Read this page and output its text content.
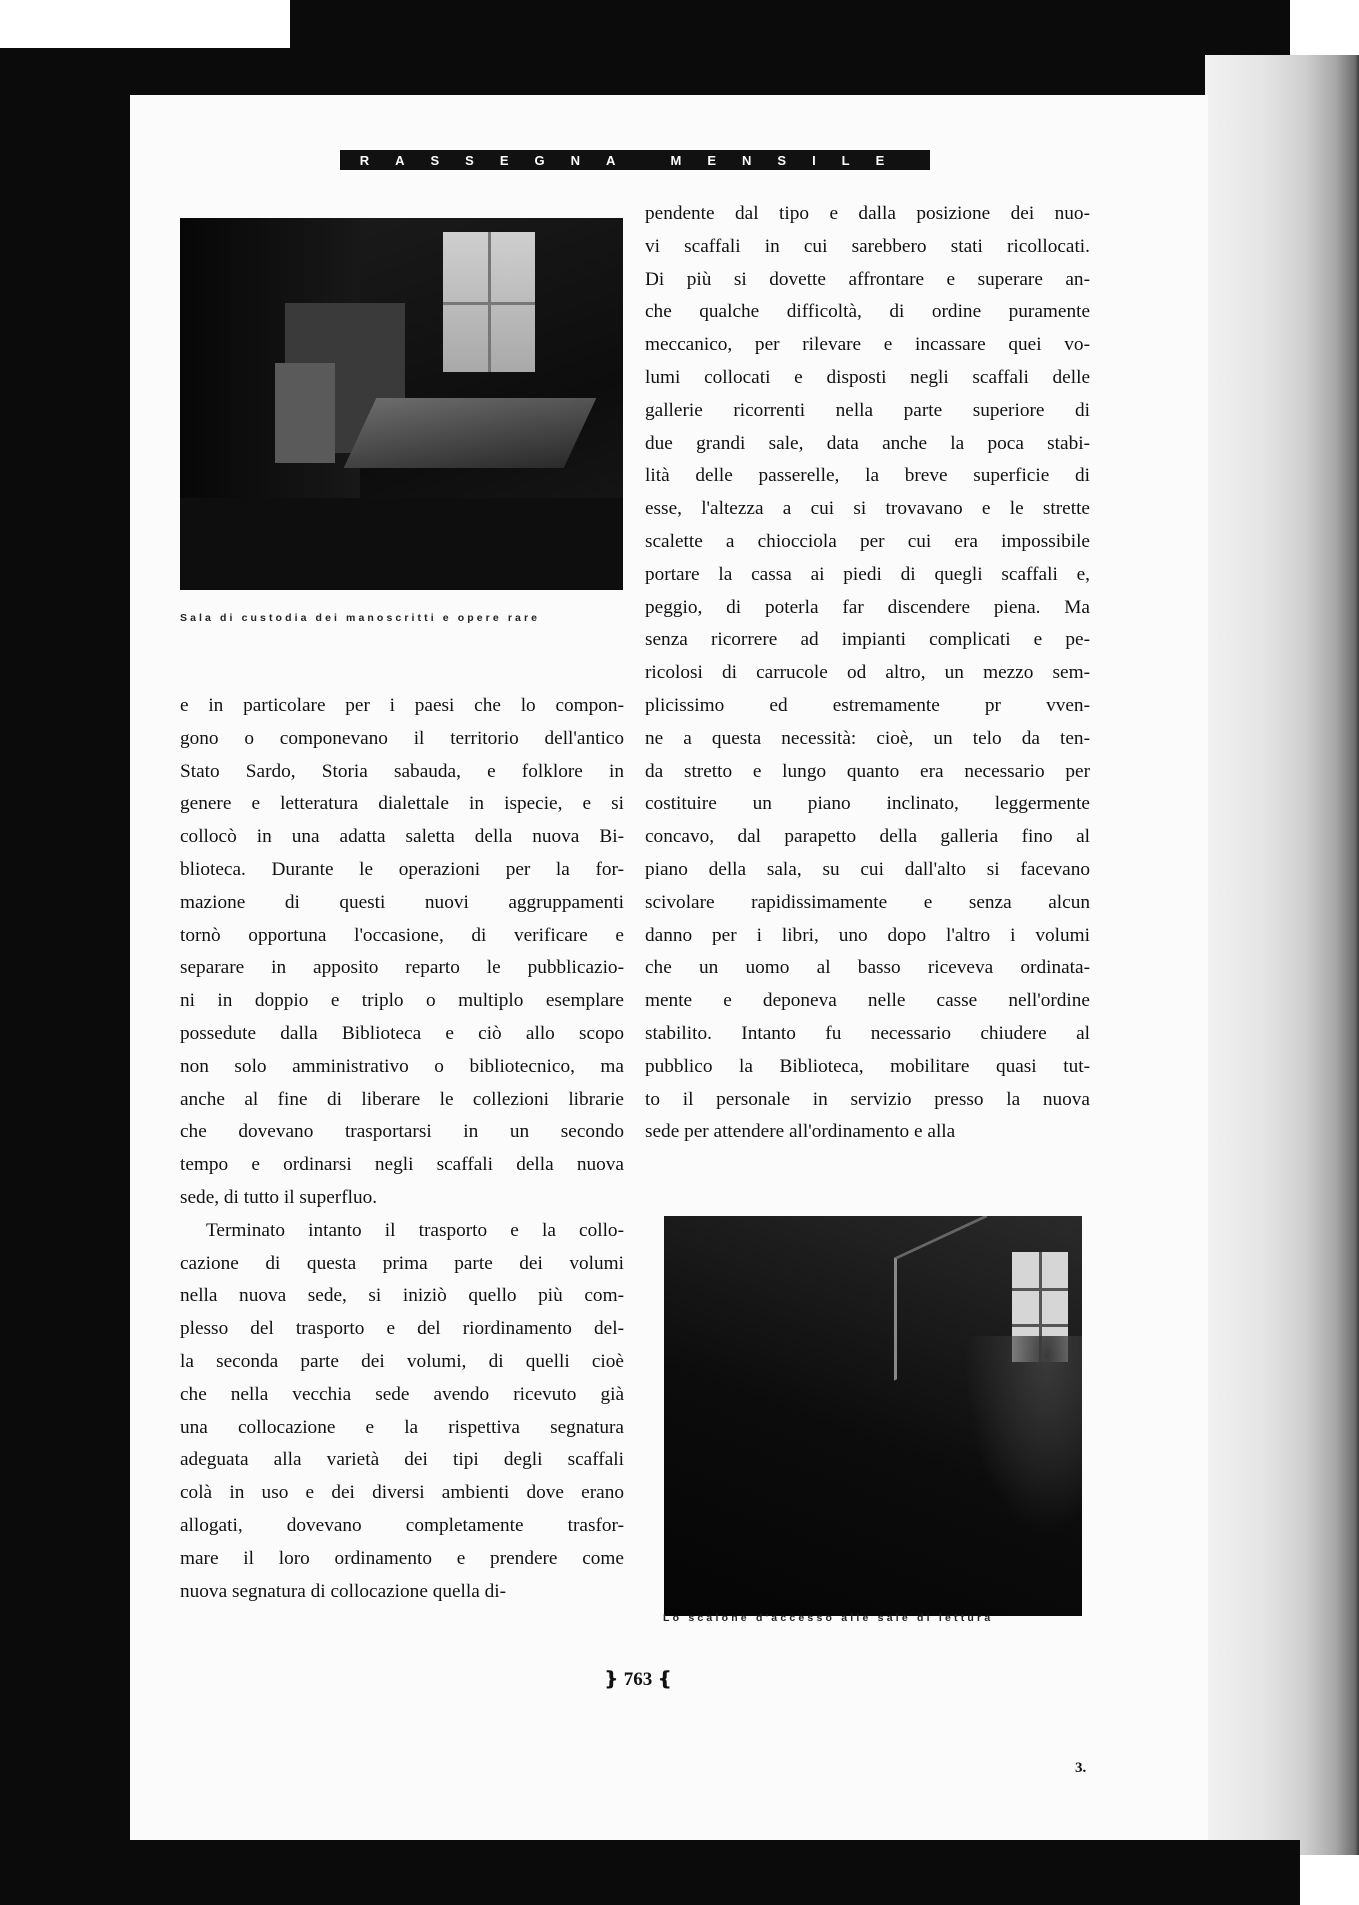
RASSEGNA MENSILE
Sala di custodia dei manoscritti e opere rare
e in particolare per i paesi che lo compon-
gono o componevano il territorio dell'antico
Stato Sardo, Storia sabauda, e folklore in
genere e letteratura dialettale in ispecie, e si
collocò in una adatta saletta della nuova Bi-
blioteca. Durante le operazioni per la for-
mazione di questi nuovi aggruppamenti
tornò opportuna l'occasione, di verificare e
separare in apposito reparto le pubblicazio-
ni in doppio e triplo o multiplo esemplare
possedute dalla Biblioteca e ciò allo scopo
non solo amministrativo o bibliotecnico, ma
anche al fine di liberare le collezioni librarie
che dovevano trasportarsi in un secondo
tempo e ordinarsi negli scaffali della nuova
sede, di tutto il superfluo.
Terminato intanto il trasporto e la collo-
cazione di questa prima parte dei volumi
nella nuova sede, si iniziò quello più com-
plesso del trasporto e del riordinamento del-
la seconda parte dei volumi, di quelli cioè
che nella vecchia sede avendo ricevuto già
una collocazione e la rispettiva segnatura
adeguata alla varietà dei tipi degli scaffali
colà in uso e dei diversi ambienti dove erano
allogati, dovevano completamente trasfor-
mare il loro ordinamento e prendere come
nuova segnatura di collocazione quella di-
pendente dal tipo e dalla posizione dei nuo-
vi scaffali in cui sarebbero stati ricollocati.
Di più si dovette affrontare e superare an-
che qualche difficoltà, di ordine puramente
meccanico, per rilevare e incassare quei vo-
lumi collocati e disposti negli scaffali delle
gallerie ricorrenti nella parte superiore di
due grandi sale, data anche la poca stabi-
lità delle passerelle, la breve superficie di
esse, l'altezza a cui si trovavano e le strette
scalette a chiocciola per cui era impossibile
portare la cassa ai piedi di quegli scaffali e,
peggio, di poterla far discendere piena. Ma
senza ricorrere ad impianti complicati e pe-
ricolosi di carrucole od altro, un mezzo sem-
plicissimo ed estremamente pr vven-
ne a questa necessità: cioè, un telo da ten-
da stretto e lungo quanto era necessario per
costituire un piano inclinato, leggermente
concavo, dal parapetto della galleria fino al
piano della sala, su cui dall'alto si facevano
scivolare rapidissimamente e senza alcun
danno per i libri, uno dopo l'altro i volumi
che un uomo al basso riceveva ordinata-
mente e deponeva nelle casse nell'ordine
stabilito. Intanto fu necessario chiudere al
pubblico la Biblioteca, mobilitare quasi tut-
to il personale in servizio presso la nuova
sede per attendere all'ordinamento e alla
Lo scalone d'accesso alle sale di lettura
❵ 763 ❴
3.
